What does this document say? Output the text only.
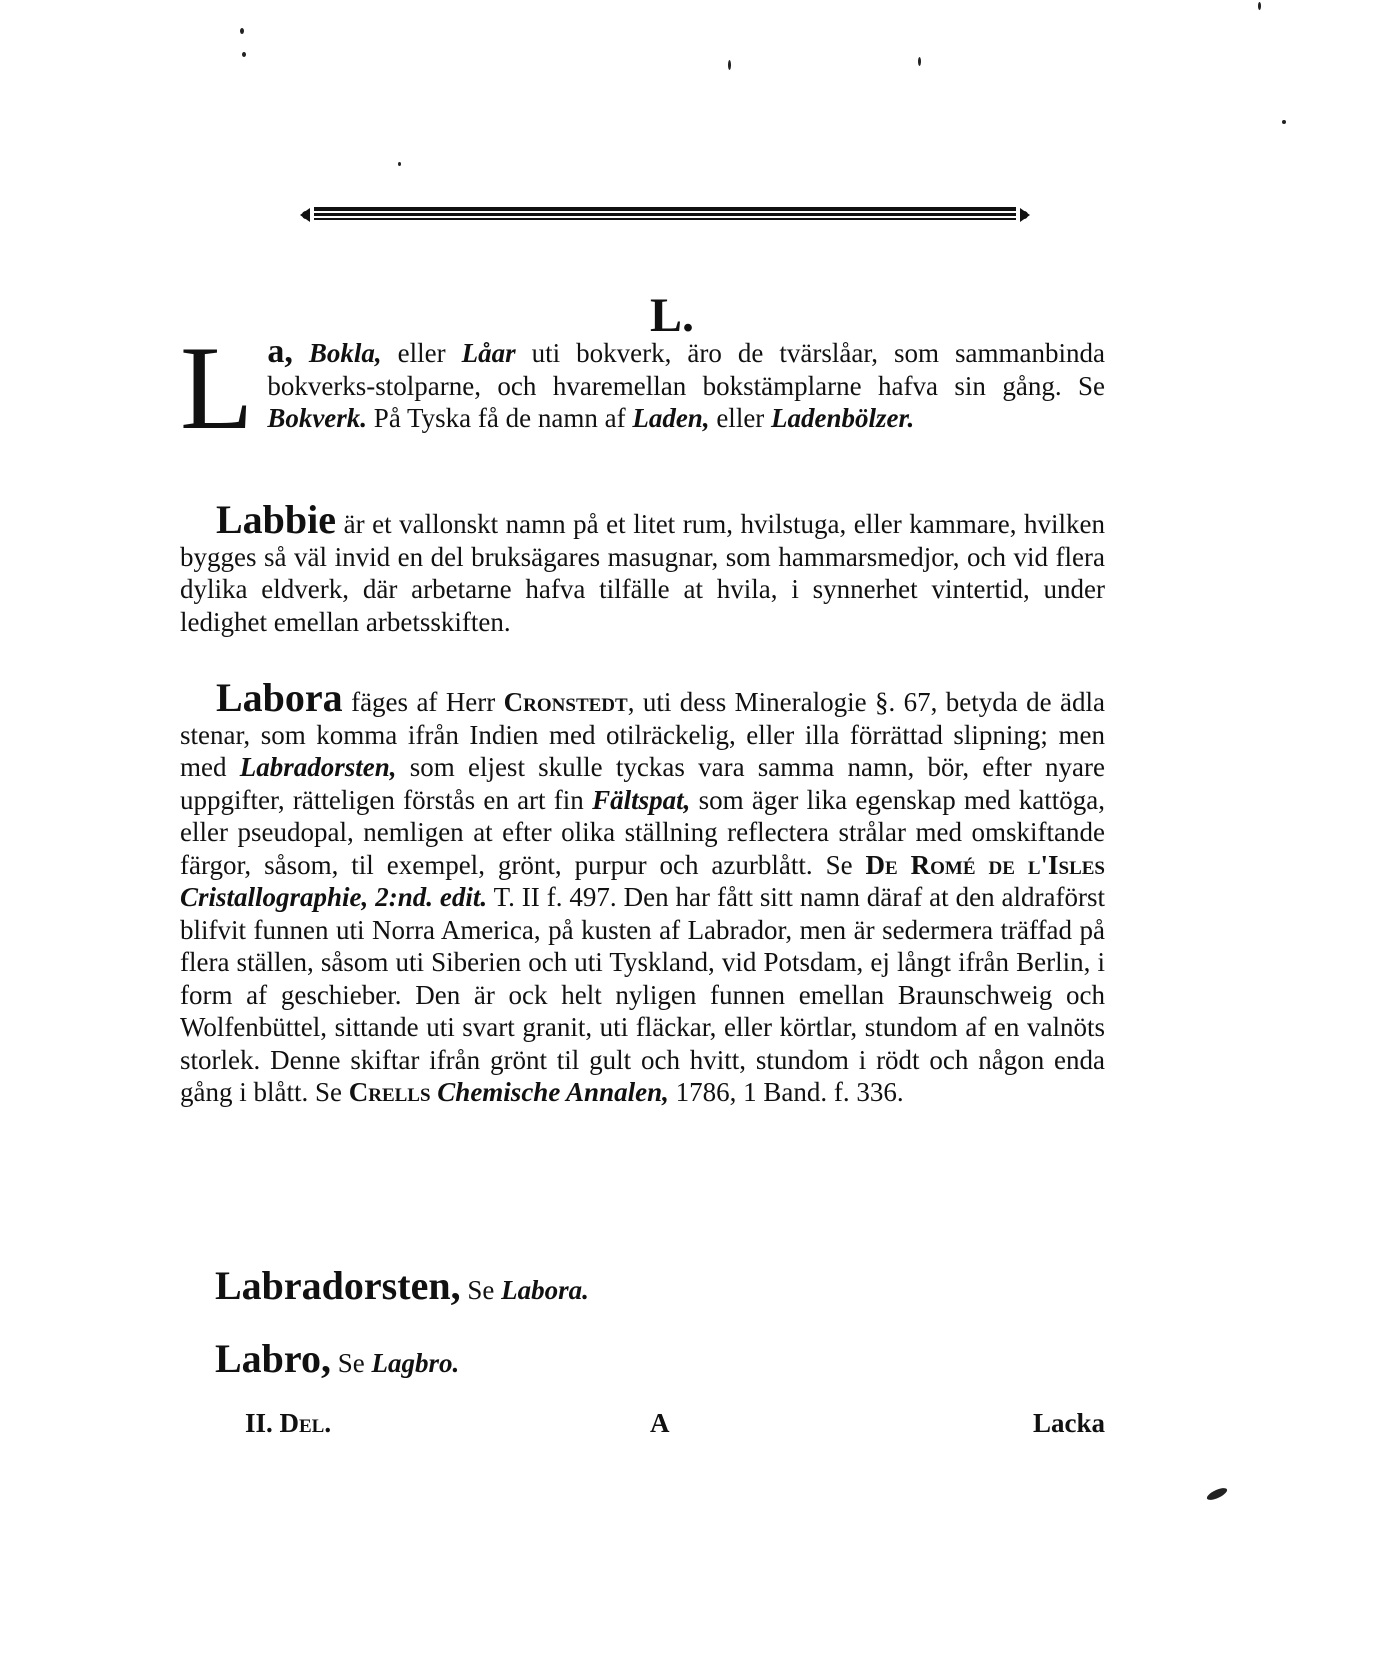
L.
L a, Bokla, eller Låar uti bokverk, äro de tvärslåar, som sammanbinda bokverks-stolparne, och hvaremellan bokstämplarne hafva sin gång. Se Bokverk. På Tyska få de namn af Laden, eller Ladenbölzer.
Labbie är et vallonskt namn på et litet rum, hvilstuga, eller kammare, hvilken bygges så väl invid en del bruksägares masugnar, som hammarsmedjor, och vid flera dylika eldverk, där arbetarne hafva tilfälle at hvila, i synnerhet vintertid, under ledighet emellan arbetsskiften.
Labora fäges af Herr Cronstedt, uti dess Mineralogie §. 67, betyda de ädla stenar, som komma ifrån Indien med otilräckelig, eller illa förrättad slipning; men med Labradorsten, som eljest skulle tyckas vara samma namn, bör, efter nyare uppgifter, rätteligen förstås en art fin Fältspat, som äger lika egenskap med kattöga, eller pseudopal, nemligen at efter olika ställning reflectera strålar med omskiftande färgor, såsom, til exempel, grönt, purpur och azurblått. Se De Romé de l'Isles Cristallographie, 2:nd. edit. T. II f. 497. Den har fått sitt namn däraf at den aldraförst blifvit funnen uti Norra America, på kusten af Labrador, men är sedermera träffad på flera ställen, såsom uti Siberien och uti Tyskland, vid Potsdam, ej långt ifrån Berlin, i form af geschieber. Den är ock helt nyligen funnen emellan Braunschweig och Wolfenbüttel, sittande uti svart granit, uti fläckar, eller körtlar, stundom af en valnöts storlek. Denne skiftar ifrån grönt til gult och hvitt, stundom i rödt och någon enda gång i blått. Se Crells Chemische Annalen, 1786, 1 Band. f. 336.
Labradorsten, Se Labora.
Labro, Se Lagbro.
II. Del.	A	Lacka
